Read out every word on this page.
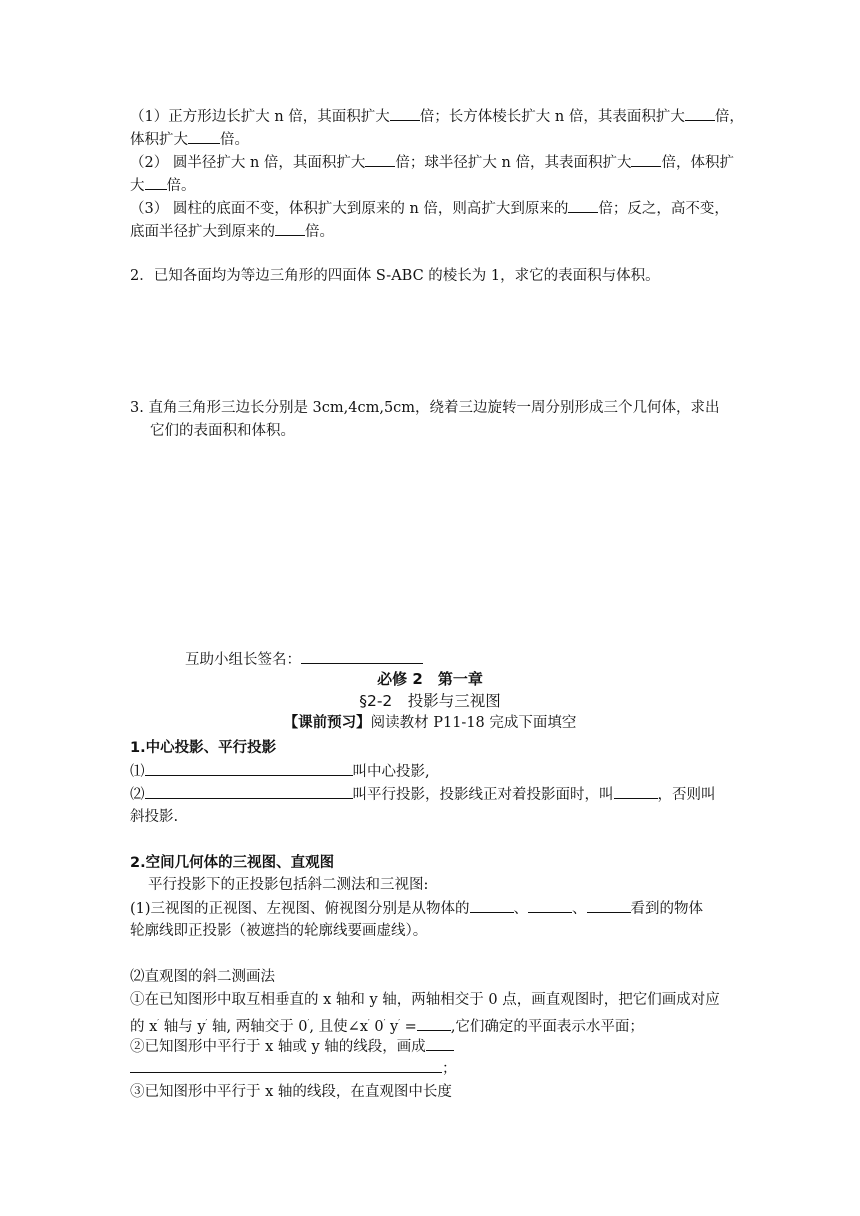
（1）正方形边长扩大 n 倍，其面积扩大 倍；长方体棱长扩大 n 倍，其表面积扩大 倍，
体积扩大 倍。
（2） 圆半径扩大 n 倍，其面积扩大 倍；球半径扩大 n 倍，其表面积扩大 倍，体积扩
大 倍。
（3） 圆柱的底面不变，体积扩大到原来的 n 倍，则高扩大到原来的 倍；反之，高不变，
底面半径扩大到原来的 倍。
2．已知各面均为等边三角形的四面体 S-ABC 的棱长为 1，求它的表面积与体积。
3. 直角三角形三边长分别是 3cm,4cm,5cm，绕着三边旋转一周分别形成三个几何体，求出
它们的表面积和体积。
互助小组长签名：
必修 2　第一章
§2-2　投影与三视图
【课前预习】阅读教材 P11-18 完成下面填空
1.中心投影、平行投影
⑴	叫中心投影,
⑵	叫平行投影，投影线正对着投影面时，叫	，否则叫
斜投影.
2.空间几何体的三视图、直观图
平行投影下的正投影包括斜二测法和三视图:
(1)三视图的正视图、左视图、俯视图分别是从物体的	、	、	看到的物体
轮廓线即正投影（被遮挡的轮廓线要画虚线）。
⑵直观图的斜二测画法
①在已知图形中取互相垂直的 x 轴和 y 轴，两轴相交于 0 点，画直观图时，把它们画成对应
的 x′ 轴与 y′ 轴, 两轴交于 0′, 且使∠x′ 0′ y′ = ,它们确定的平面表示水平面；
②已知图形中平行于 x 轴或 y 轴的线段，画成
；
③已知图形中平行于 x 轴的线段，在直观图中长度
